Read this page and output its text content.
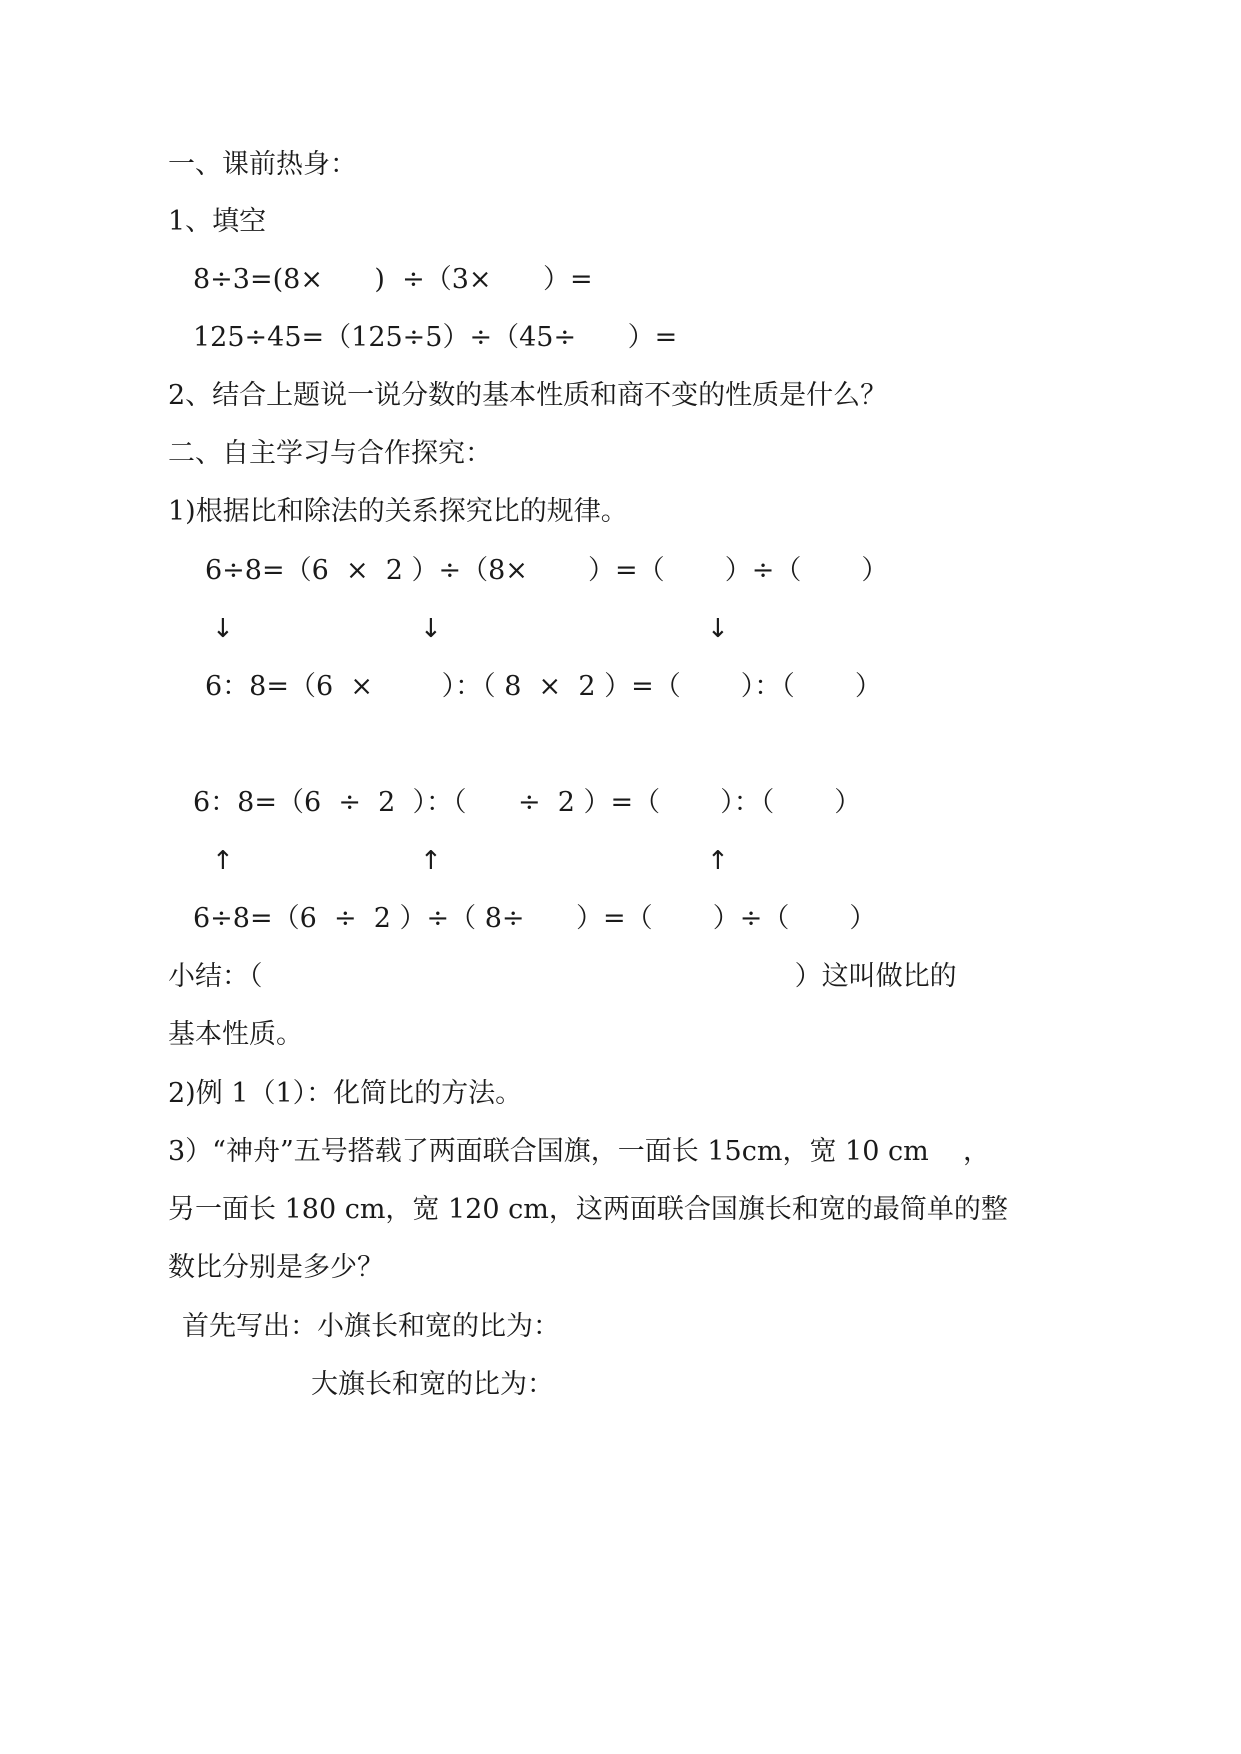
一、课前热身：
1、填空
8÷3=(8×      )  ÷（3×      ）=
125÷45=（125÷5）÷（45÷      ）=
2、结合上题说一说分数的基本性质和商不变的性质是什么？
二、自主学习与合作探究：
1)根据比和除法的关系探究比的规律。
6÷8=（6  ×  2 ）÷（8×       ）=（       ）÷（       ）
↓	↓	↓
6：8=（6  ×        ）：（ 8  ×  2 ）=（       ）：（       ）
6：8=（6  ÷  2  ）：（      ÷  2 ）=（       ）：（       ）
↑	↑	↑
6÷8=（6  ÷  2 ）÷（ 8÷      ）=（       ）÷（       ）
小结：（                                                              ）这叫做比的
基本性质。
2)例 1（1）：化简比的方法。
3）“神舟”五号搭载了两面联合国旗，一面长 15cm，宽 10 cm    ，
另一面长 180 cm，宽 120 cm，这两面联合国旗长和宽的最简单的整
数比分别是多少？
首先写出：小旗长和宽的比为：
大旗长和宽的比为：
